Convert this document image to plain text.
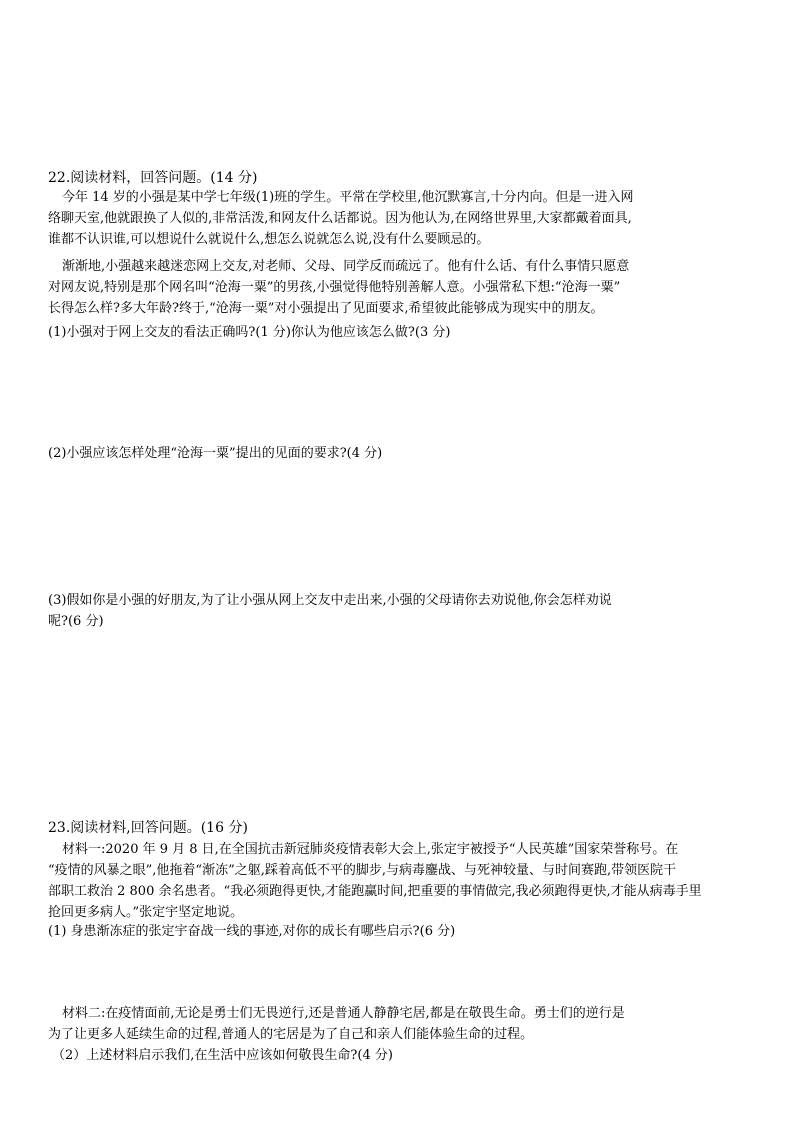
22.阅读材料，回答问题。(14 分)
今年 14 岁的小强是某中学七年级(1)班的学生。平常在学校里,他沉默寡言,十分内向。但是一进入网
络聊天室,他就跟换了人似的,非常活泼,和网友什么话都说。因为他认为,在网络世界里,大家都戴着面具,
谁都不认识谁,可以想说什么就说什么,想怎么说就怎么说,没有什么要顾忌的。
渐渐地,小强越来越迷恋网上交友,对老师、父母、同学反而疏远了。他有什么话、有什么事情只愿意
对网友说,特别是那个网名叫“沧海一粟”的男孩,小强觉得他特别善解人意。小强常私下想:“沧海一粟”
长得怎么样?多大年龄?终于,“沧海一粟”对小强提出了见面要求,希望彼此能够成为现实中的朋友。
(1)小强对于网上交友的看法正确吗?(1 分)你认为他应该怎么做?(3 分)
(2)小强应该怎样处理“沧海一粟”提出的见面的要求?(4 分)
(3)假如你是小强的好朋友,为了让小强从网上交友中走出来,小强的父母请你去劝说他,你会怎样劝说
呢?(6 分)
23.阅读材料,回答问题。(16 分)
材料一:2020 年 9 月 8 日,在全国抗击新冠肺炎疫情表彰大会上,张定宇被授予“人民英雄”国家荣誉称号。在
“疫情的风暴之眼”,他拖着“渐冻”之躯,踩着高低不平的脚步,与病毒鏖战、与死神较量、与时间赛跑,带领医院干
部职工救治 2 800 余名患者。“我必须跑得更快,才能跑赢时间,把重要的事情做完,我必须跑得更快,才能从病毒手里
抢回更多病人。”张定宇坚定地说。
(1) 身患渐冻症的张定宇奋战一线的事迹,对你的成长有哪些启示?(6 分)
材料二:在疫情面前,无论是勇士们无畏逆行,还是普通人静静宅居,都是在敬畏生命。勇士们的逆行是
为了让更多人延续生命的过程,普通人的宅居是为了自己和亲人们能体验生命的过程。
（2）上述材料启示我们,在生活中应该如何敬畏生命?(4 分)
